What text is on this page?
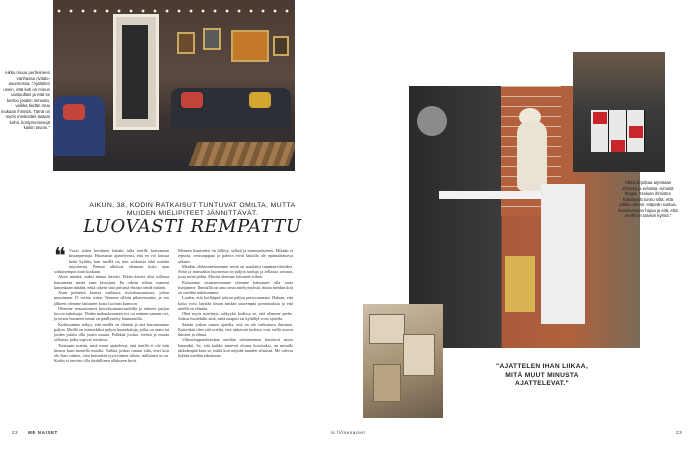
Aikku muuu perheineen vanhassa rivitaloasunnossa. "Ajattelen usein, että koti on minun vastuullani ja että se kertoo jotakin minusta, vaikka tiedän muu mukaan ihmisiä. Tämä on myös mielestäni lastani kohti, kompromissejä kaikin tavoin."
Aikku kirjoittaa arjestaan Elämää ja erilaisia -nimistä blogia. "Haluan ihmisten kyllästyvät tunnu siltä, että pitäisi olevan. Häpeän sotkua, kissanvessan hajua ja sitä, että meillä on talvisin kylmä."
AIKUN, 38, KODIN RATKAISUT TUNTUVAT OMILTA, MUTTA MUIDEN MIELIPITEET JÄNNITTÄVÄT.
LUOVASTI REMPATTU

❝ Vuosi sitten keväinen kahaki tulla meille katsomaan kissanpentuja. Huomasin ajattelevani, että en voi kutsua heitä kylään, kun meillä on niin sotkuista eikä mitään tarjottavaa. Pennut alkoivat olemaan koko ajan sotkuisempia kuin koskaan.

Aloin miettiä, miksi minua hävetti. Eikän kaveri olisi tullessa katsomaan meitä vaan kissojani. En oikein silloin osannut kuitenkaan mitään, enkä oikein sinä päivänä ehtinyt tehdä mitään.

Asun perheeni kanssa vanhassa rivitaloasunnossa, johon muutimme 15 vuotta sitten. Teimme silloin pikaremontin, ja sen jälkeen olemme laittaneet kotia luovasti kuntoon.

Olemme remontoineet kierrätysmateriaaleilla ja tehneet paljon luovia ratkaisuja. Yhden makuuhuoneen ovi on entinen saunan ovi, ja toisen huoneen seinät on päällystetty laminaatilla.

Kodissamme näkyy, että meillä on elämää ja että harrastamme paljon. Meillä on esimerkiksi paljon huonekaluja, jotka on saatu tai joiden pitäisi olla jotain muuta. Pelkkää joulua, eteistä ja muuta sellaista, jotka sopivat toisiinsa.

Toisinaan mietin, mitä muut ajattelevat, että meillä ei ole niin hienoa kuin monella muulla. Vaikka joskus tuntuu siltä, ettei koti ole ihan valmis, olen kuitenkin tyytyväinen siihen, millainen se on. Kodin ei tarvitse olla täydellinen ollakseen hyvä.

Meneen ihanteeksi on hillitty, selkeä ja minimalistinen. Mikään ei repsota, vesisaappaat ja pahvin eivät lattialla ole epämääräisesti sekaan.

Meidän olohuoneessamme seinä on maalattu tummanvihreäksi. Siinä ja muissakin huoneissa on paljon tauluja ja sellaista tavaraa, josta minä pidän. Mustat olemme tottuneet siihen.

Kotiamme sisustaessamme olemme halunneet olla omia itsejämme. Ihmisillä on aina omia mieltymyksiä, mutta meidän koti on meidän näköisemme.

Luulen, että kotihäpeä johtuu paljon persoonastani. Haluan, että kotia voisi käyttää ilman mitään suurempia ponnistuksia ja että meillä on elämää.

Olen myös miettinyt, näkyykö kodissa se, että olemme perhe. Joskus huolehdin siitä, mitä naapuri tai kyläilijä voisi ajatella.

Saatan joskus tuntea ajatella, että en ole vaikuttava ihminen. Kuitenkin olen sitä mieltä, että tärkeintä kodissa ovat siellä asuvat ihmiset ja elämä.

Viikonlopputehtävänä meidän talouteemme kuuluvat myös lemmikit. Se, että kaikki tuntevat olonsa kotoisaksi, on minulle tärkeämpää kuin se, miltä koti näyttää muiden silmissä. Me tulevat kylään meidän takiamme.

"AJATTELEN IHAN LIIKAA, MITÄ MUUT MINUSTA AJATTELEVAT."
22 ME NAISET	is.fi/menaiset	23
